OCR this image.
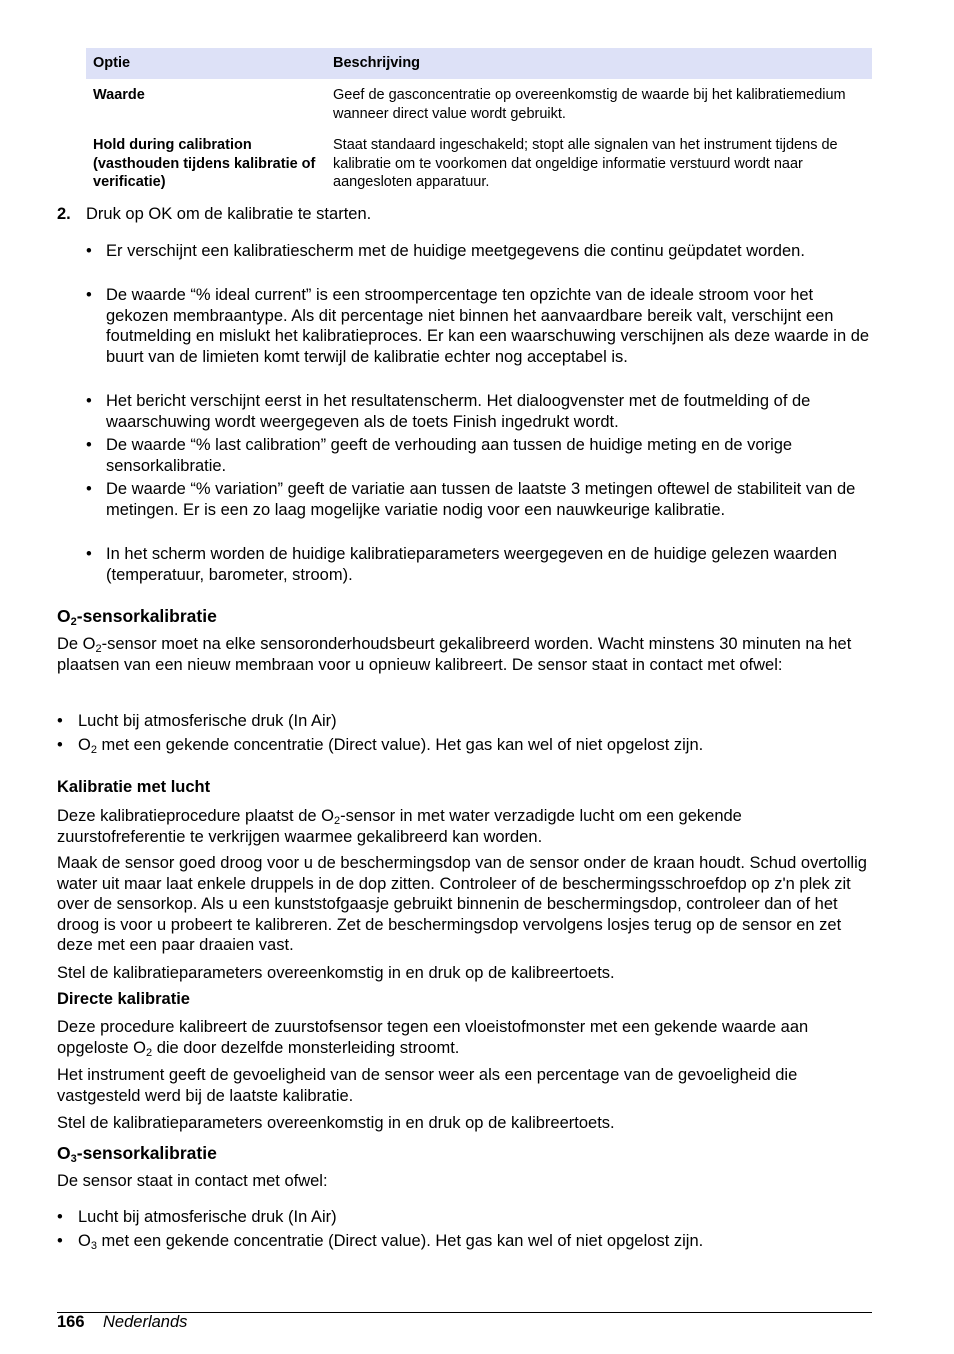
Optie	Beschrijving
Waarde	Geef de gasconcentratie op overeenkomstig de waarde bij het kalibratiemedium wanneer direct value wordt gebruikt.
Hold during calibration (vasthouden tijdens kalibratie of verificatie)
Staat standaard ingeschakeld; stopt alle signalen van het instrument tijdens de kalibratie om te voorkomen dat ongeldige informatie verstuurd wordt naar aangesloten apparatuur.
2. Druk op OK om de kalibratie te starten.
• Er verschijnt een kalibratiescherm met de huidige meetgegevens die continu geüpdatet worden.
• De waarde “% ideal current” is een stroompercentage ten opzichte van de ideale stroom voor het gekozen membraantype. Als dit percentage niet binnen het aanvaardbare bereik valt, verschijnt een foutmelding en mislukt het kalibratieproces. Er kan een waarschuwing verschijnen als deze waarde in de buurt van de limieten komt terwijl de kalibratie echter nog acceptabel is.
• Het bericht verschijnt eerst in het resultatenscherm. Het dialoogvenster met de foutmelding of de waarschuwing wordt weergegeven als de toets Finish ingedrukt wordt.
• De waarde “% last calibration” geeft de verhouding aan tussen de huidige meting en de vorige sensorkalibratie.
• De waarde “% variation” geeft de variatie aan tussen de laatste 3 metingen oftewel de stabiliteit van de metingen. Er is een zo laag mogelijke variatie nodig voor een nauwkeurige kalibratie.
• In het scherm worden de huidige kalibratieparameters weergegeven en de huidige gelezen waarden (temperatuur, barometer, stroom).
$O_2$-sensorkalibratie
De $O_2$-sensor moet na elke sensoronderhoudsbeurt gekalibreerd worden. Wacht minstens 30 minuten na het plaatsen van een nieuw membraan voor u opnieuw kalibreert. De sensor staat in contact met ofwel:
• Lucht bij atmosferische druk (In Air)
• $O_2$ met een gekende concentratie (Direct value). Het gas kan wel of niet opgelost zijn.
Kalibratie met lucht
Deze kalibratieprocedure plaatst de $O_2$-sensor in met water verzadigde lucht om een gekende zuurstofreferentie te verkrijgen waarmee gekalibreerd kan worden.
Maak de sensor goed droog voor u de beschermingsdop van de sensor onder de kraan houdt. Schud overtollig water uit maar laat enkele druppels in de dop zitten. Controleer of de beschermingsschroefdop op z'n plek zit over de sensorkop. Als u een kunststofgaasje gebruikt binnenin de beschermingsdop, controleer dan of het droog is voor u probeert te kalibreren. Zet de beschermingsdop vervolgens losjes terug op de sensor en zet deze met een paar draaien vast.
Stel de kalibratieparameters overeenkomstig in en druk op de kalibreertoets.
Directe kalibratie
Deze procedure kalibreert de zuurstofsensor tegen een vloeistofmonster met een gekende waarde aan opgeloste $O_2$ die door dezelfde monsterleiding stroomt.
Het instrument geeft de gevoeligheid van de sensor weer als een percentage van de gevoeligheid die vastgesteld werd bij de laatste kalibratie.
Stel de kalibratieparameters overeenkomstig in en druk op de kalibreertoets.
$O_3$-sensorkalibratie
De sensor staat in contact met ofwel:
• Lucht bij atmosferische druk (In Air)
• $O_3$ met een gekende concentratie (Direct value). Het gas kan wel of niet opgelost zijn.
166 Nederlands
